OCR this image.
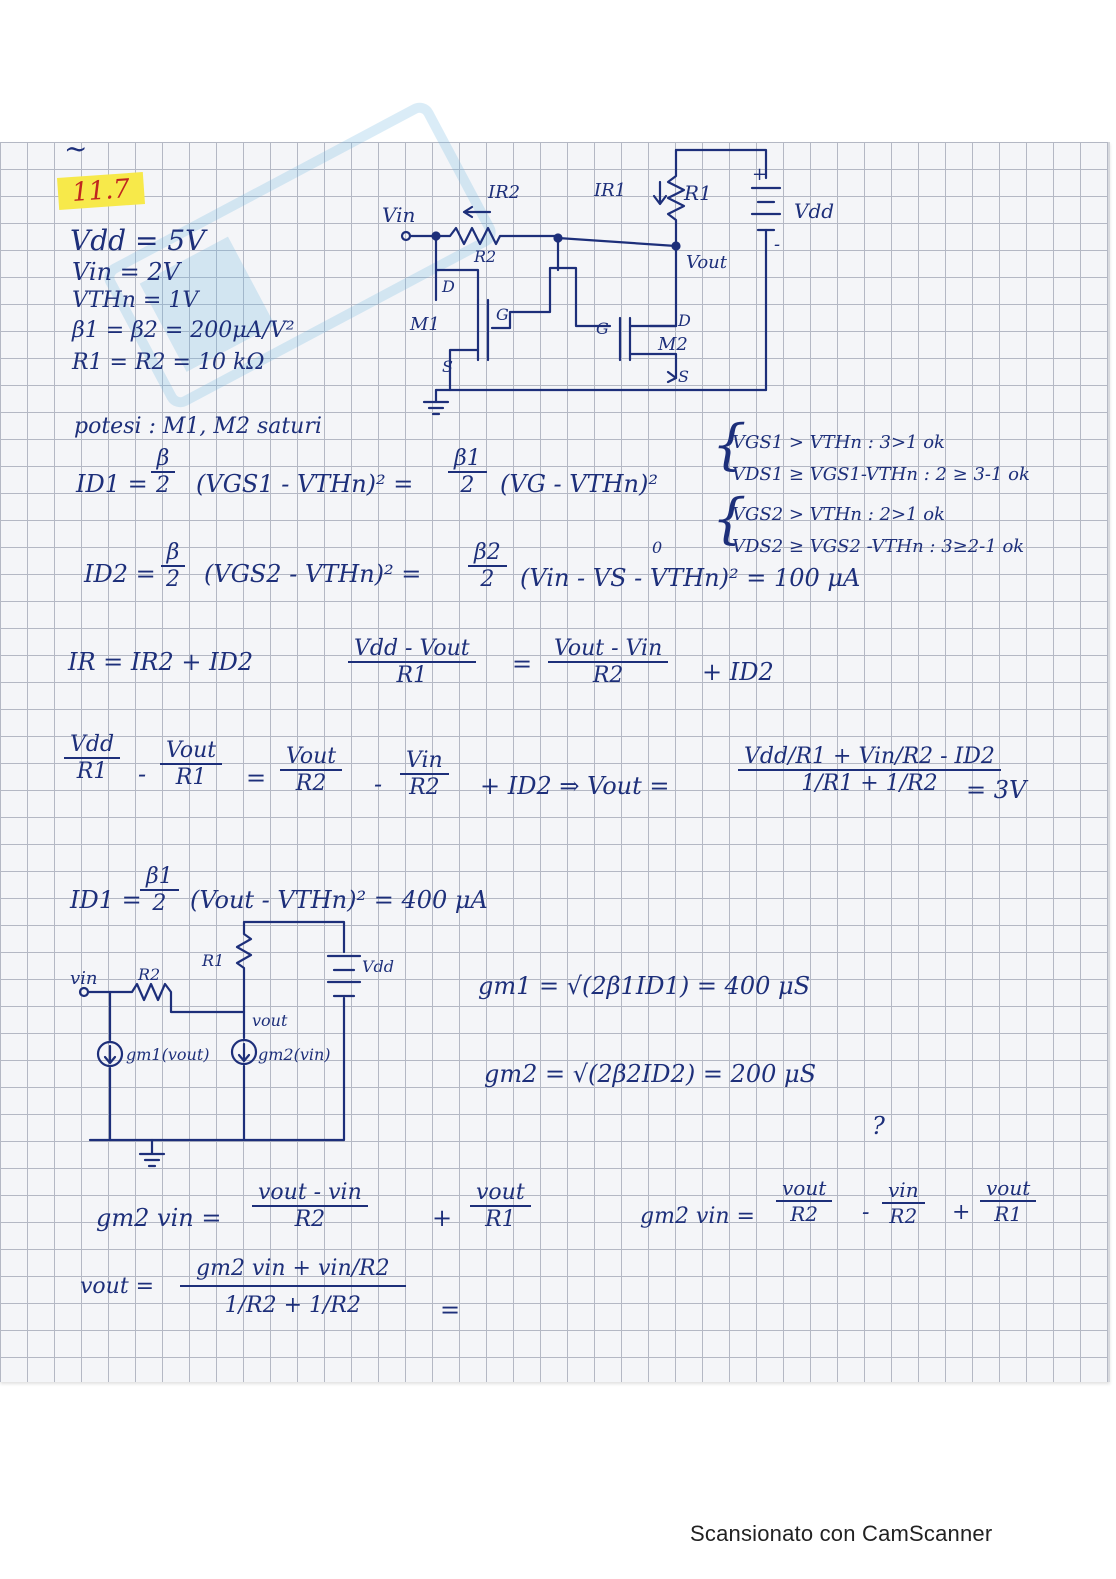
11.7
~
Vdd = 5V
Vin = 2V
VTHn = 1V
β1 = β2 = 200μA/V²
R1 = R2 = 10 kΩ
Vin
IR2
R2
IR1	R1
Vdd
+
-
Vout
D
G
S
M1	G	D
S
M2
potesi : M1, M2 saturi	{
{
VGS1 > VTHn : 3>1 ok
VDS1 ≥ VGS1-VTHn : 2 ≥ 3-1 ok
VGS2 > VTHn : 2>1 ok
VDS2 ≥ VGS2 -VTHn : 3≥2-1 ok
$ID1 = \frac{\beta}{2} (VGS1$ - VTHn)² = $\frac{\beta 1}{2} (VG$ - VTHn)²
$ID2 = \frac{\beta}{2} (VGS2$ - VTHn)² = $\frac{\beta 2}{2} (Vin$ - VS - VTHn)² = 100 μA
0
IR = IR2 + ID2	Vdd - Vout
R1	=
Vout - Vin
R2	+ ID2
Vdd
R1 -
Vout
R1 =
Vout
R2 -
Vin
R2 + ID2 ⇒ Vout =
Vdd/R1 + Vin/R2 - ID2
1/R1 + 1/R2 = 3V
ID1 =
$\frac{\beta 1}{2}$ (Vout - VTHn)² = 400 μA
vin	R2
R1	Vdd
vout
gm1(vout)	gm2(vin)
gm1 = √(2β1ID1) = 400 μS
gm2 = √(2β2ID2) = 200 μS
?
gm2 vin =
vout - vin
R2	+
vout
R1	gm2 vin =
vout
R2 -
vin
R2 +
vout
R1
vout =
gm2 vin + vin/R2
1/R2 + 1/R2	=
Scansionato con CamScanner
